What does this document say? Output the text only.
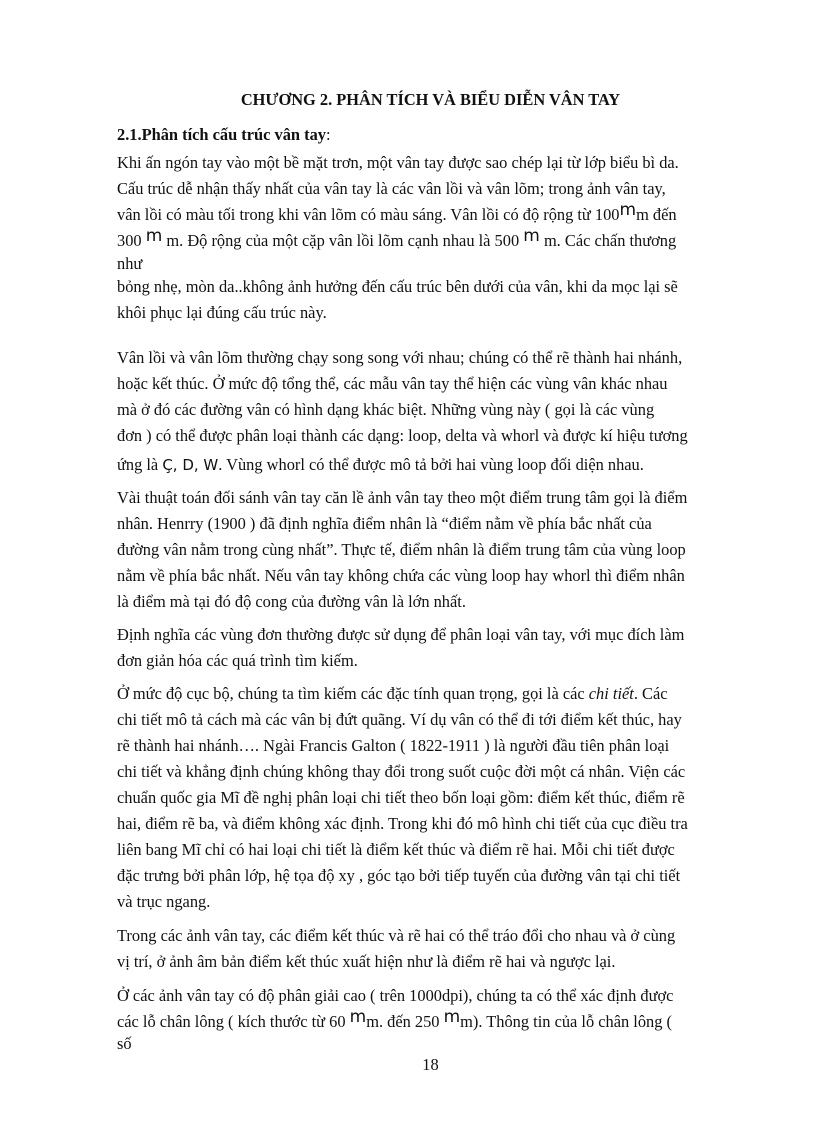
CHƯƠNG 2. PHÂN TÍCH VÀ BIỂU DIỄN VÂN TAY
2.1.Phân tích cấu trúc vân tay:
Khi ấn ngón tay vào một bề mặt trơn, một vân tay được sao chép lại từ lớp biểu bì da.
Cấu trúc dễ nhận thấy nhất của vân tay là các vân lồi và vân lõm; trong ảnh vân tay,
vân lồi có màu tối trong khi vân lõm có màu sáng. Vân lồi có độ rộng từ 100mm đến
300 m m. Độ rộng của một cặp vân lồi lõm cạnh nhau là 500 m m. Các chấn thương
như
bỏng nhẹ, mòn da..không ảnh hưởng đến cấu trúc bên dưới của vân, khi da mọc lại sẽ
khôi phục lại đúng cấu trúc này.
Vân lồi và vân lõm thường chạy song song với nhau; chúng có thể rẽ thành hai nhánh,
hoặc kết thúc. Ở mức độ tổng thể, các mẫu vân tay thể hiện các vùng vân khác nhau
mà ở đó các đường vân có hình dạng khác biệt. Những vùng này ( gọi là các vùng
đơn ) có thể được phân loại thành các dạng: loop, delta và whorl và được kí hiệu tương
ứng là Ç, D, W. Vùng whorl có thể được mô tả bởi hai vùng loop đối diện nhau.
Vài thuật toán đối sánh vân tay căn lề ảnh vân tay theo một điểm trung tâm gọi là điểm
nhân. Henrry (1900 ) đã định nghĩa điểm nhân là “điểm nằm về phía bắc nhất của
đường vân nằm trong cùng nhất”. Thực tế, điểm nhân là điểm trung tâm của vùng loop
nằm về phía bắc nhất. Nếu vân tay không chứa các vùng loop hay whorl thì điểm nhân
là điểm mà tại đó độ cong của đường vân là lớn nhất.
Định nghĩa các vùng đơn thường được sử dụng để phân loại vân tay, với mục đích làm
đơn giản hóa các quá trình tìm kiếm.
Ở mức độ cục bộ, chúng ta tìm kiếm các đặc tính quan trọng, gọi là các chi tiết. Các
chi tiết mô tả cách mà các vân bị đứt quãng. Ví dụ vân có thể đi tới điểm kết thúc, hay
rẽ thành hai nhánh…. Ngài Francis Galton ( 1822-1911 ) là người đầu tiên phân loại
chi tiết và khẳng định chúng không thay đổi trong suốt cuộc đời một cá nhân. Viện các
chuẩn quốc gia Mĩ đề nghị phân loại chi tiết theo bốn loại gồm: điểm kết thúc, điểm rẽ
hai, điểm rẽ ba, và điểm không xác định. Trong khi đó mô hình chi tiết của cục điều tra
liên bang Mĩ chỉ có hai loại chi tiết là điểm kết thúc và điểm rẽ hai. Mỗi chi tiết được
đặc trưng bởi phân lớp, hệ tọa độ xy , góc tạo bởi tiếp tuyến của đường vân tại chi tiết
và trục ngang.
Trong các ảnh vân tay, các điểm kết thúc và rẽ hai có thể tráo đổi cho nhau và ở cùng
vị trí, ở ảnh âm bản điểm kết thúc xuất hiện như là điểm rẽ hai và ngược lại.
Ở các ảnh vân tay có độ phân giải cao ( trên 1000dpi), chúng ta có thể xác định được
các lỗ chân lông ( kích thước từ 60 mm. đến 250 mm). Thông tin của lỗ chân lông (
số
18
